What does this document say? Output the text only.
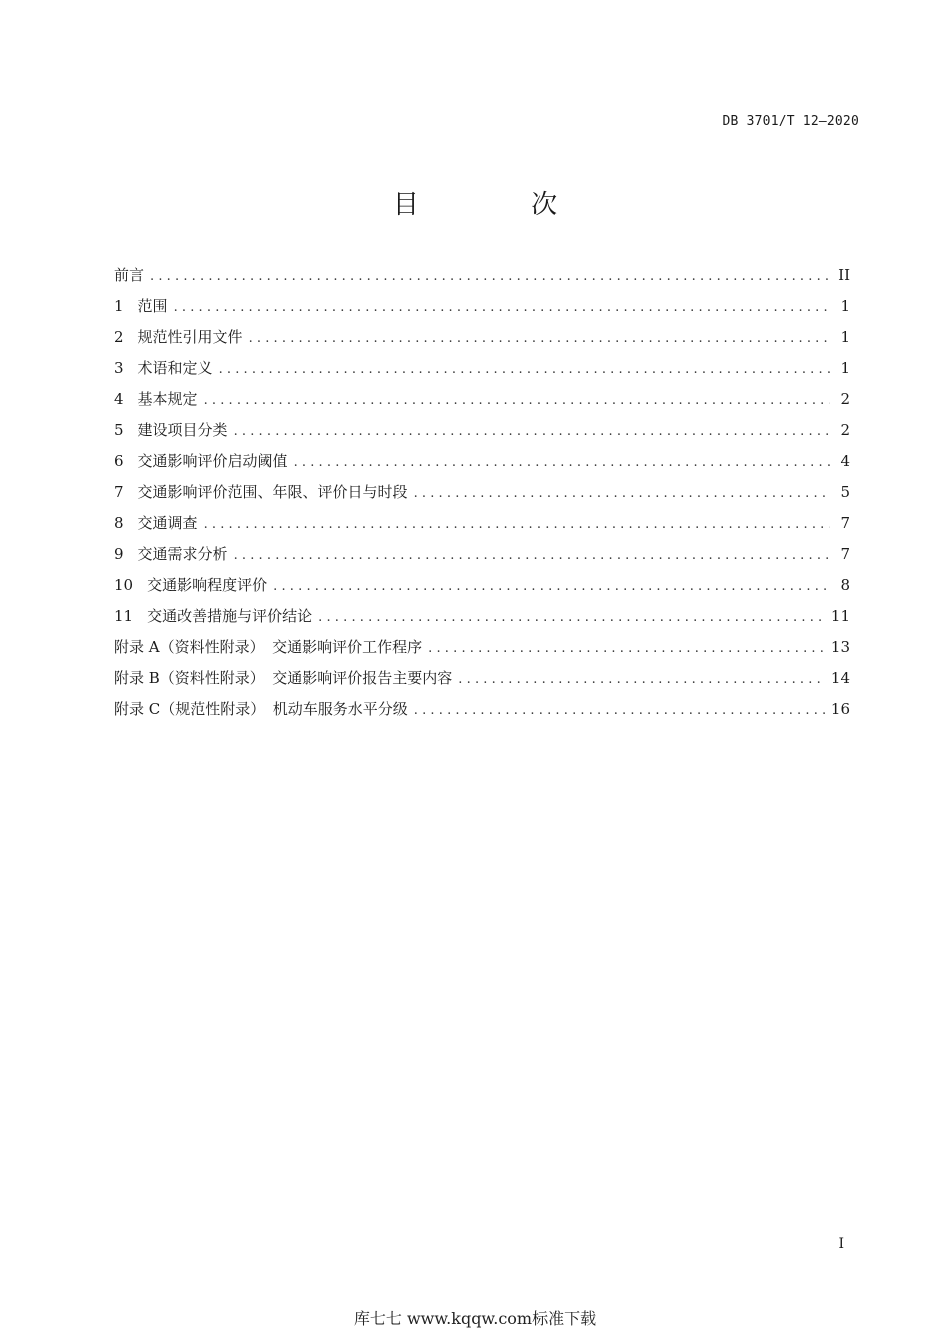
DB 3701/T 12—2020
目 次
前言 .....	II
1 范围 .....	1
2 规范性引用文件 .....	1
3 术语和定义 .....	1
4 基本规定 .....	2
5 建设项目分类 .....	2
6 交通影响评价启动阈值 .....	4
7 交通影响评价范围、年限、评价日与时段 .....	5
8 交通调查 .....	7
9 交通需求分析 .....	7
10 交通影响程度评价 .....	8
11 交通改善措施与评价结论 .....	11
附录 A（资料性附录）　交通影响评价工作程序 .....	13
附录 B（资料性附录）　交通影响评价报告主要内容 .....	14
附录 C（规范性附录）　机动车服务水平分级 .....	16
I
库七七 www.kqqw.com标准下载
